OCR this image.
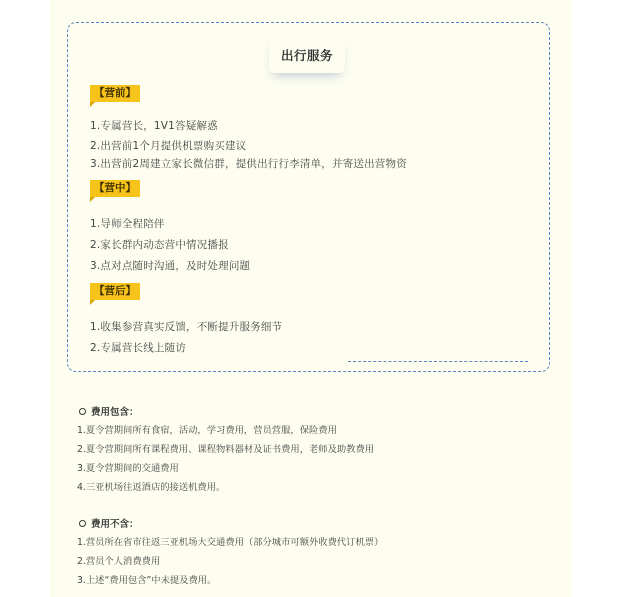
出行服务
【营前】
1.专属营长，1V1答疑解惑
2.出营前1个月提供机票购买建议
3.出营前2周建立家长微信群，提供出行行李清单，并寄送出营物资
【营中】
1.导师全程陪伴
2.家长群内动态营中情况播报
3.点对点随时沟通，及时处理问题
【营后】
1.收集参营真实反馈，不断提升服务细节
2.专属营长线上随访
费用包含：
1.夏令营期间所有食宿，活动，学习费用，营员营服，保险费用
2.夏令营期间所有课程费用、课程物料器材及证书费用，老师及助教费用
3.夏令营期间的交通费用
4.三亚机场往返酒店的接送机费用。
费用不含：
1.营员所在省市往返三亚机场大交通费用（部分城市可额外收费代订机票）
2.营员个人消费费用
3.上述“费用包含”中未提及费用。
